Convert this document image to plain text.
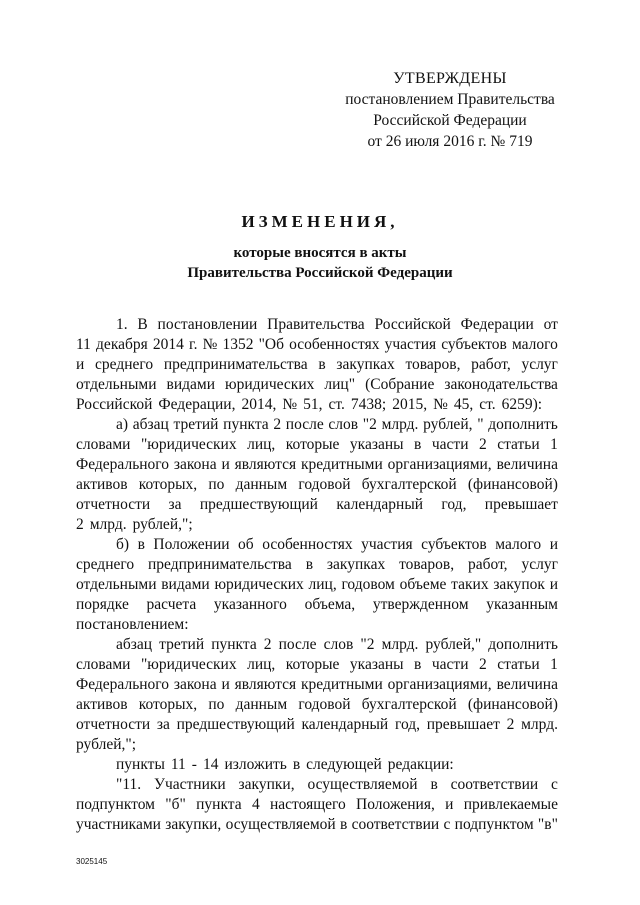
УТВЕРЖДЕНЫ
постановлением Правительства
Российской Федерации
от 26 июля 2016 г. № 719
ИЗМЕНЕНИЯ,
которые вносятся в акты
Правительства Российской Федерации
1. В постановлении Правительства Российской Федерации от
11 декабря 2014 г. № 1352 "Об особенностях участия субъектов малого
и среднего предпринимательства в закупках товаров, работ, услуг
отдельными видами юридических лиц" (Собрание законодательства
Российской Федерации, 2014, № 51, ст. 7438; 2015, № 45, ст. 6259):
а) абзац третий пункта 2 после слов "2 млрд. рублей, " дополнить
словами "юридических лиц, которые указаны в части 2 статьи 1
Федерального закона и являются кредитными организациями, величина
активов которых, по данным годовой бухгалтерской (финансовой)
отчетности за предшествующий календарный год, превышает
2 млрд. рублей,";
б) в Положении об особенностях участия субъектов малого и
среднего предпринимательства в закупках товаров, работ, услуг
отдельными видами юридических лиц, годовом объеме таких закупок и
порядке расчета указанного объема, утвержденном указанным
постановлением:
абзац третий пункта 2 после слов "2 млрд. рублей," дополнить
словами "юридических лиц, которые указаны в части 2 статьи 1
Федерального закона и являются кредитными организациями, величина
активов которых, по данным годовой бухгалтерской (финансовой)
отчетности за предшествующий календарный год, превышает 2 млрд.
рублей,";
пункты 11 - 14 изложить в следующей редакции:
"11. Участники закупки, осуществляемой в соответствии с
подпунктом "б" пункта 4 настоящего Положения, и привлекаемые
участниками закупки, осуществляемой в соответствии с подпунктом "в"
3025145
